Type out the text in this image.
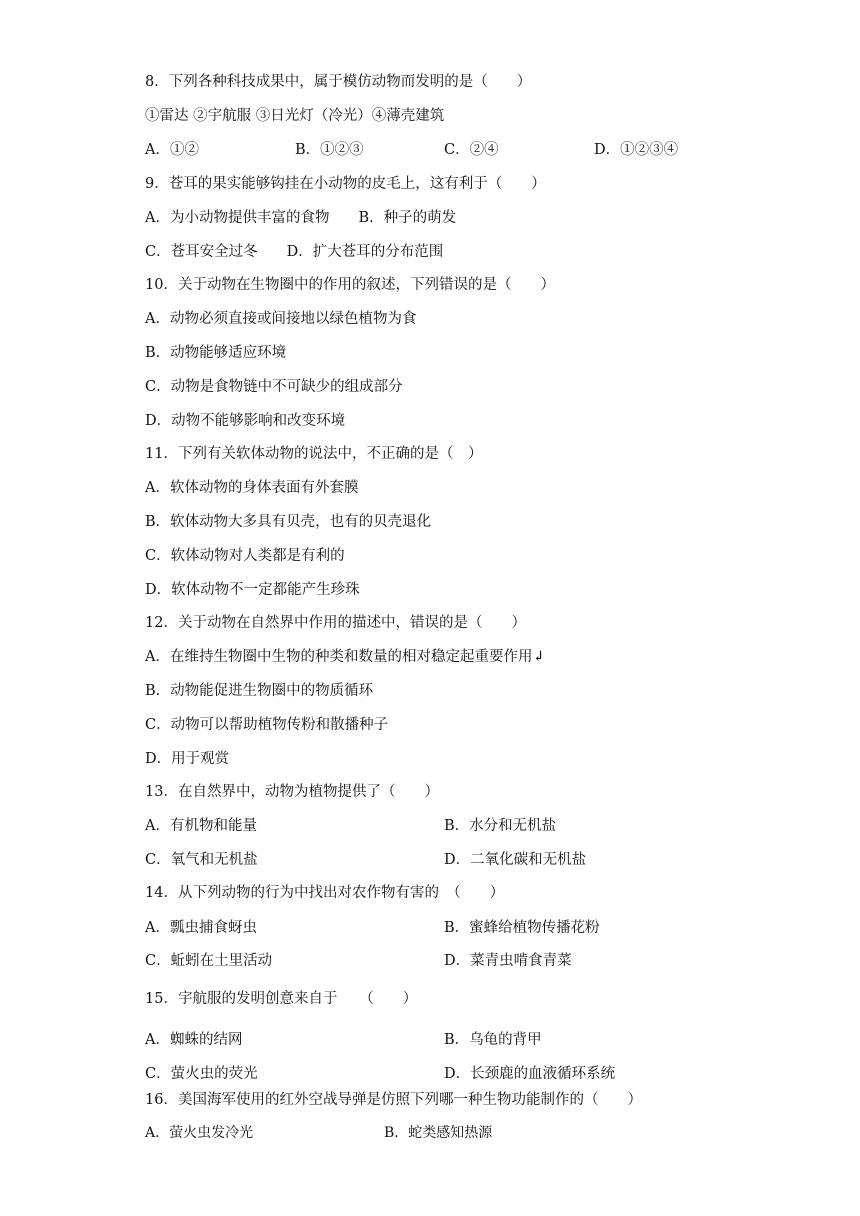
8．下列各种科技成果中，属于模仿动物而发明的是（　　）
①雷达 ②宇航服 ③日光灯（冷光）④薄壳建筑
A．①②	B．①②③	C．②④	D．①②③④
9．苍耳的果实能够钩挂在小动物的皮毛上，这有利于（　　）
A．为小动物提供丰富的食物　　B．种子的萌发
C．苍耳安全过冬　　D．扩大苍耳的分布范围
10．关于动物在生物圈中的作用的叙述，下列错误的是（　　）
A．动物必须直接或间接地以绿色植物为食
B．动物能够适应环境
C．动物是食物链中不可缺少的组成部分
D．动物不能够影响和改变环境
11．下列有关软体动物的说法中，不正确的是（　）
A．软体动物的身体表面有外套膜
B．软体动物大多具有贝壳，也有的贝壳退化
C．软体动物对人类都是有利的
D．软体动物不一定都能产生珍珠
12．关于动物在自然界中作用的描述中，错误的是（　　）
A．在维持生物圈中生物的种类和数量的相对稳定起重要作用↲
B．动物能促进生物圈中的物质循环
C．动物可以帮助植物传粉和散播种子
D．用于观赏
13．在自然界中，动物为植物提供了（　　）
A．有机物和能量	B．水分和无机盐
C．氧气和无机盐	D．二氧化碳和无机盐
14．从下列动物的行为中找出对农作物有害的　（　　）
A．瓢虫捕食蚜虫	B．蜜蜂给植物传播花粉
C．蚯蚓在土里活动	D．菜青虫啃食青菜
15．宇航服的发明创意来自于　　（　　）
A．蜘蛛的结网	B．乌龟的背甲
C．萤火虫的荧光	D．长颈鹿的血液循环系统
16．美国海军使用的红外空战导弹是仿照下列哪一种生物功能制作的（　　）
A．萤火虫发冷光	B．蛇类感知热源
